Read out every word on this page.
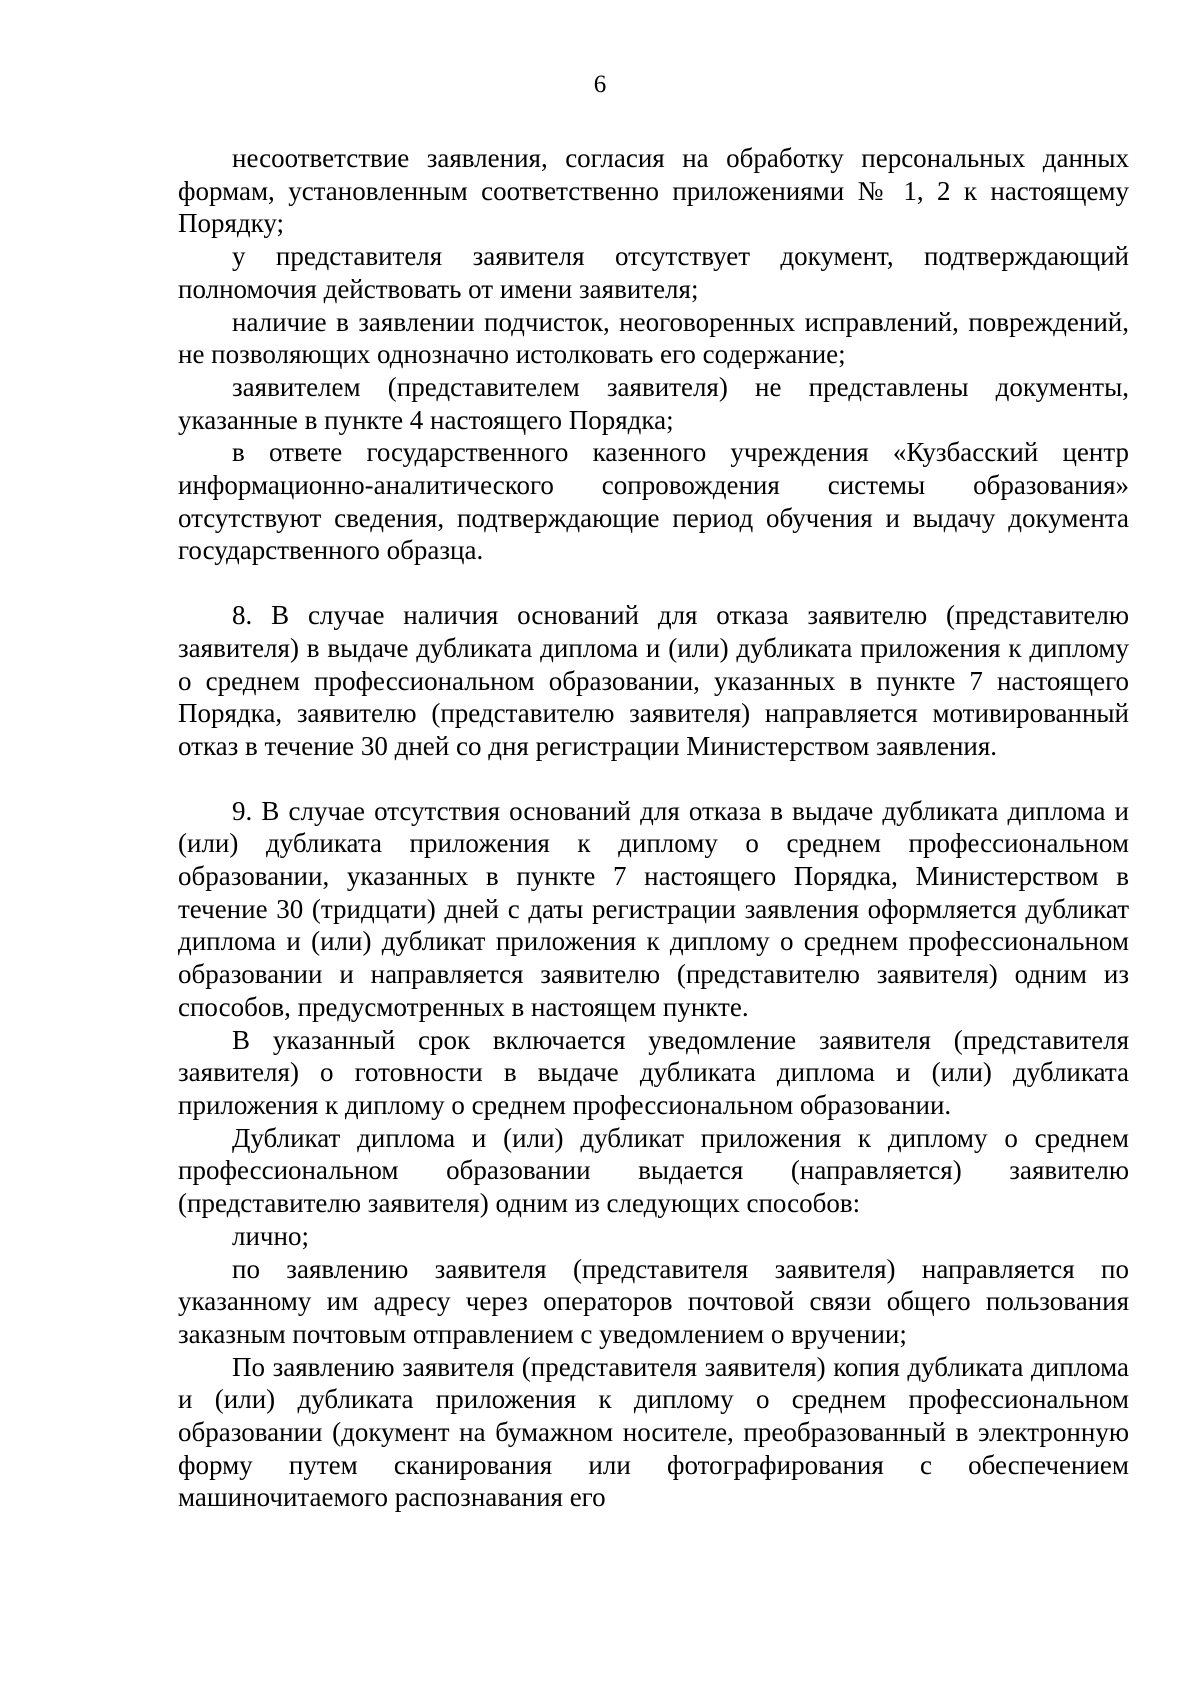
6

несоответствие заявления, согласия на обработку персональных данных формам, установленным соответственно приложениями № 1, 2 к настоящему Порядку;

у представителя заявителя отсутствует документ, подтверждающий полномочия действовать от имени заявителя;

наличие в заявлении подчисток, неоговоренных исправлений, повреждений, не позволяющих однозначно истолковать его содержание;

заявителем (представителем заявителя) не представлены документы, указанные в пункте 4 настоящего Порядка;

в ответе государственного казенного учреждения «Кузбасский центр информационно-аналитического сопровождения системы образования» отсутствуют сведения, подтверждающие период обучения и выдачу документа государственного образца.

8. В случае наличия оснований для отказа заявителю (представителю заявителя) в выдаче дубликата диплома и (или) дубликата приложения к диплому о среднем профессиональном образовании, указанных в пункте 7 настоящего Порядка, заявителю (представителю заявителя) направляется мотивированный отказ в течение 30 дней со дня регистрации Министерством заявления.

9. В случае отсутствия оснований для отказа в выдаче дубликата диплома и (или) дубликата приложения к диплому о среднем профессиональном образовании, указанных в пункте 7 настоящего Порядка, Министерством в течение 30 (тридцати) дней с даты регистрации заявления оформляется дубликат диплома и (или) дубликат приложения к диплому о среднем профессиональном образовании и направляется заявителю (представителю заявителя) одним из способов, предусмотренных в настоящем пункте.

В указанный срок включается уведомление заявителя (представителя заявителя) о готовности в выдаче дубликата диплома и (или) дубликата приложения к диплому о среднем профессиональном образовании.

Дубликат диплома и (или) дубликат приложения к диплому о среднем профессиональном образовании выдается (направляется) заявителю (представителю заявителя) одним из следующих способов:

лично;

по заявлению заявителя (представителя заявителя) направляется по указанному им адресу через операторов почтовой связи общего пользования заказным почтовым отправлением с уведомлением о вручении;

По заявлению заявителя (представителя заявителя) копия дубликата диплома и (или) дубликата приложения к диплому о среднем профессиональном образовании (документ на бумажном носителе, преобразованный в электронную форму путем сканирования или фотографирования с обеспечением машиночитаемого распознавания его
